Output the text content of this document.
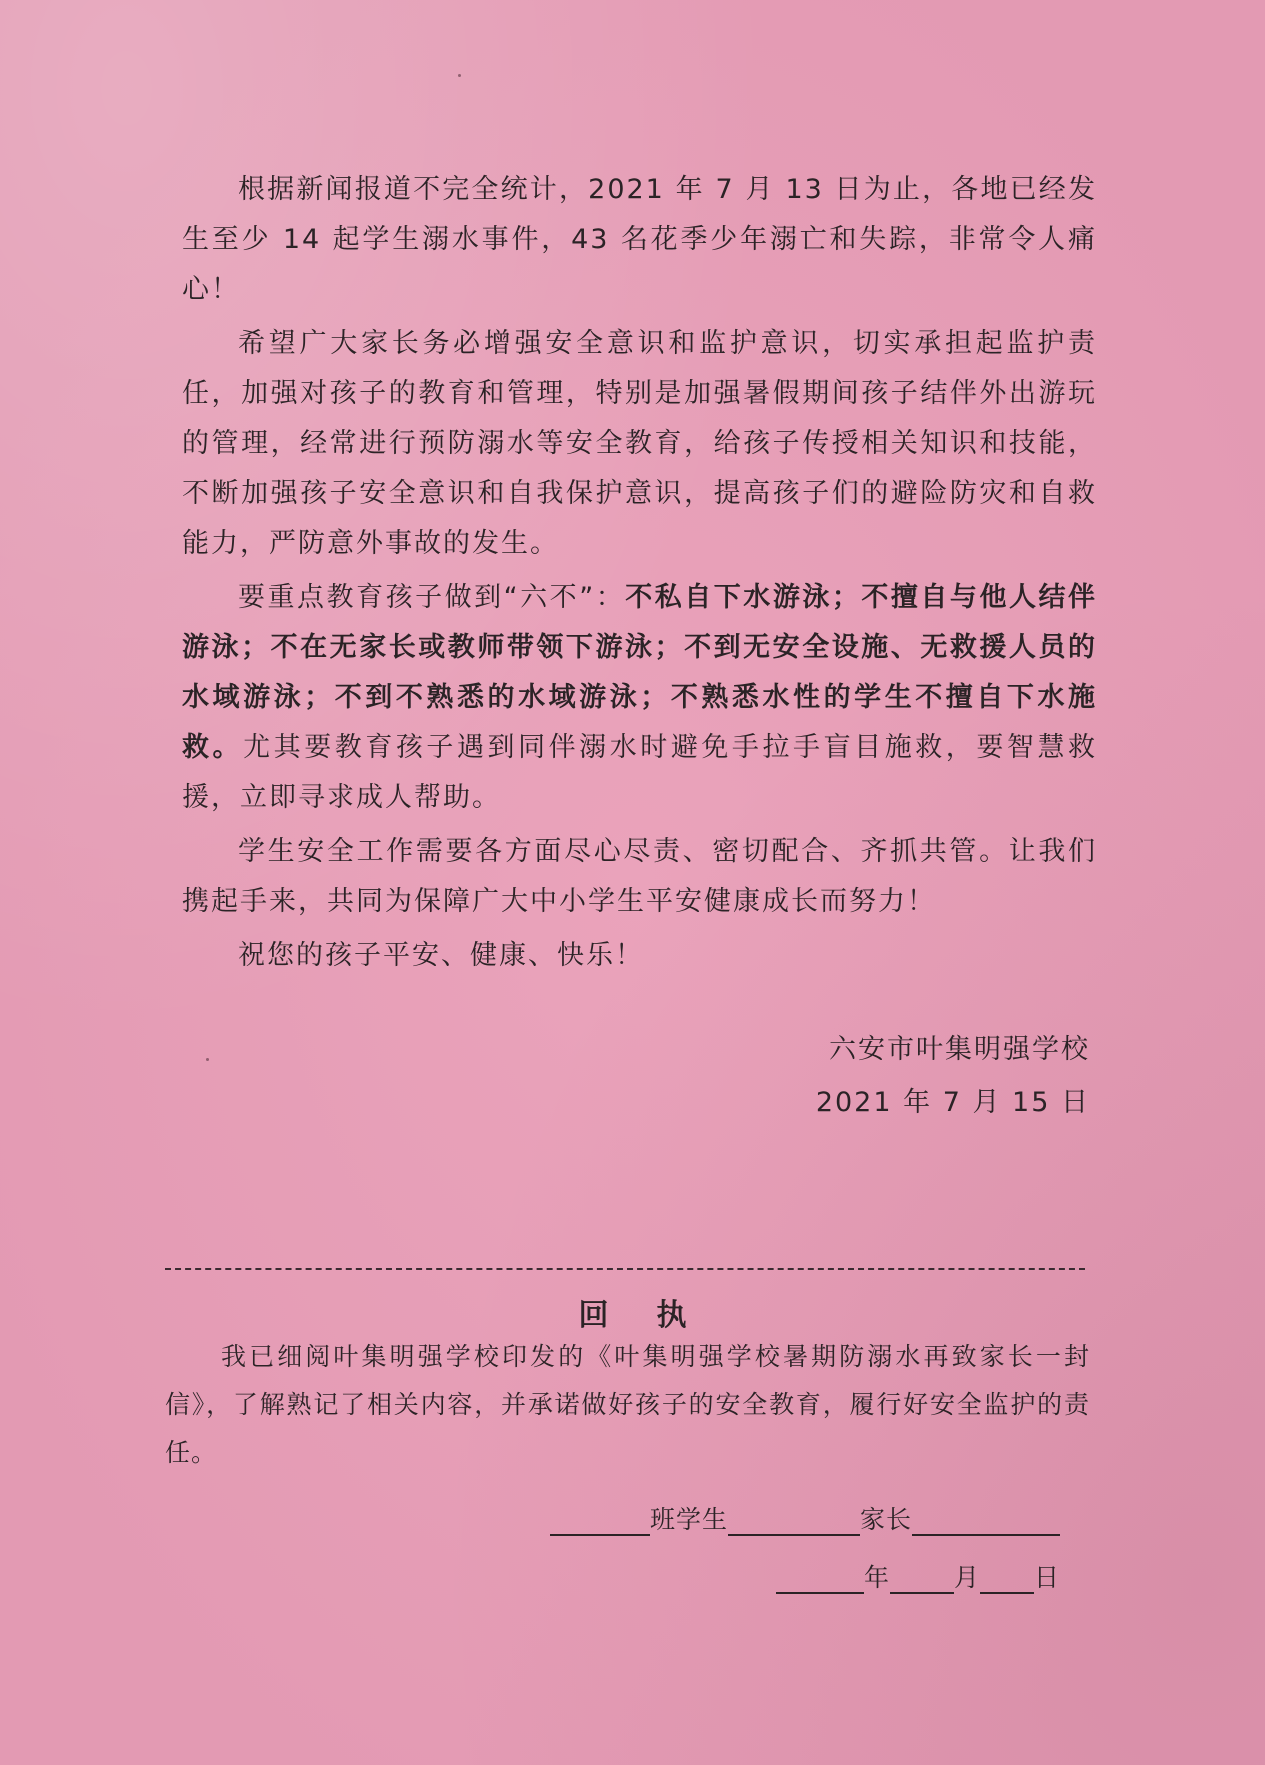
根据新闻报道不完全统计，2021 年 7 月 13 日为止，各地已经发生至少 14 起学生溺水事件，43 名花季少年溺亡和失踪，非常令人痛心！

希望广大家长务必增强安全意识和监护意识，切实承担起监护责任，加强对孩子的教育和管理，特别是加强暑假期间孩子结伴外出游玩的管理，经常进行预防溺水等安全教育，给孩子传授相关知识和技能，不断加强孩子安全意识和自我保护意识，提高孩子们的避险防灾和自救能力，严防意外事故的发生。

要重点教育孩子做到“六不”：不私自下水游泳；不擅自与他人结伴游泳；不在无家长或教师带领下游泳；不到无安全设施、无救援人员的水域游泳；不到不熟悉的水域游泳；不熟悉水性的学生不擅自下水施救。尤其要教育孩子遇到同伴溺水时避免手拉手盲目施救，要智慧救援，立即寻求成人帮助。

学生安全工作需要各方面尽心尽责、密切配合、齐抓共管。让我们携起手来，共同为保障广大中小学生平安健康成长而努力！

祝您的孩子平安、健康、快乐！

六安市叶集明强学校
2021 年 7 月 15 日
回执

我已细阅叶集明强学校印发的《叶集明强学校暑期防溺水再致家长一封信》，了解熟记了相关内容，并承诺做好孩子的安全教育，履行好安全监护的责任。

班学生	家长
年	月 日
